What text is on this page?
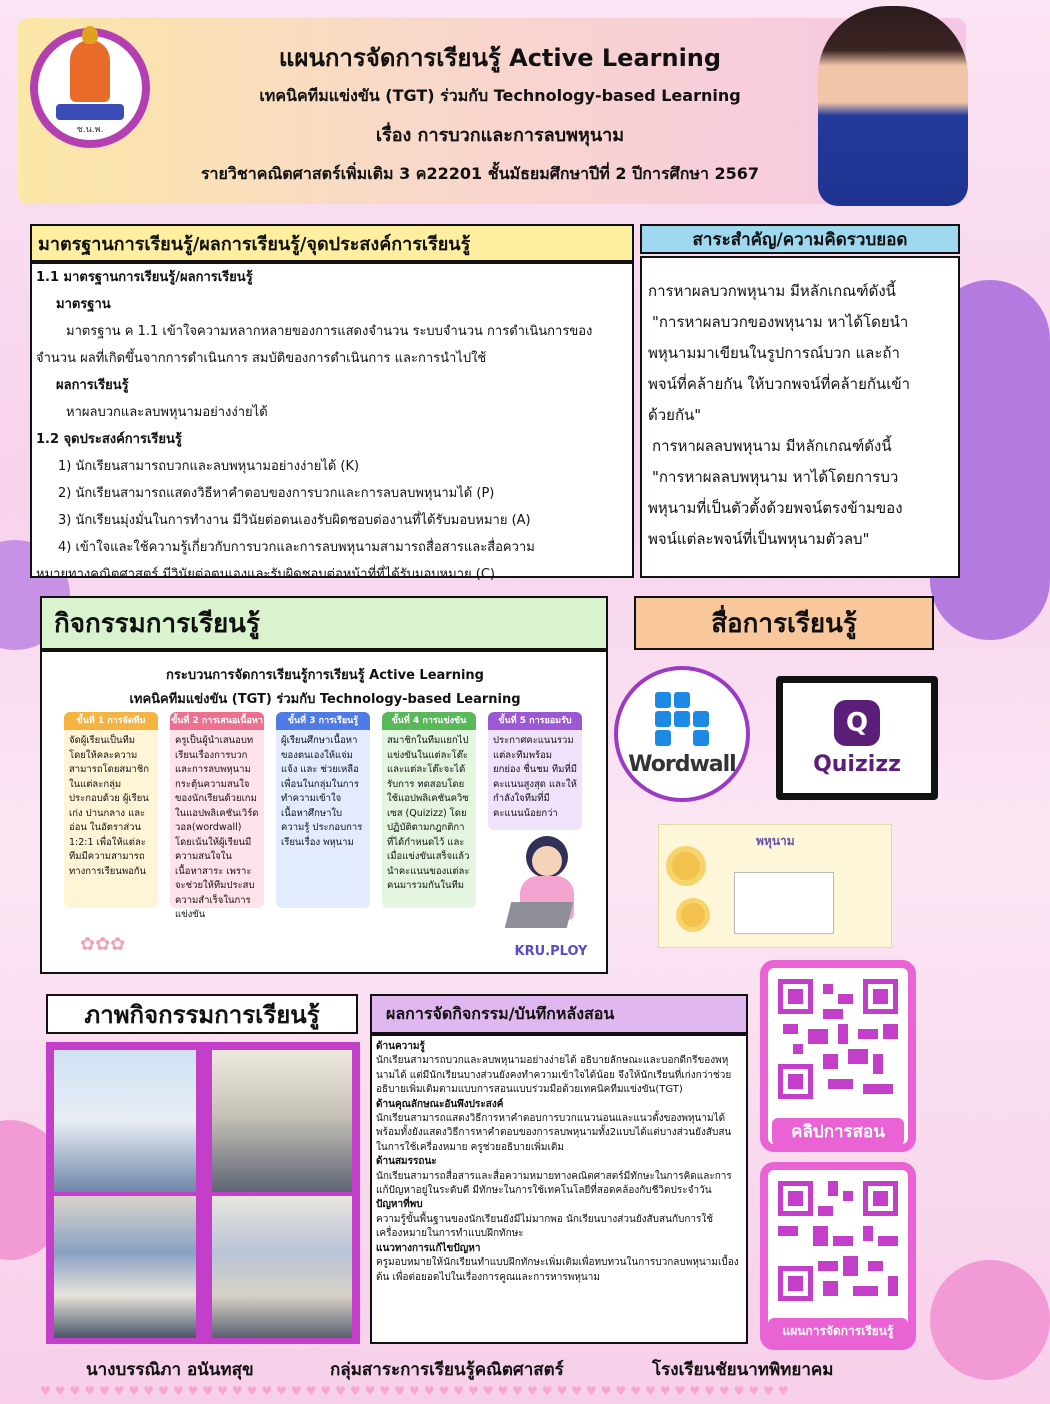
ช.น.พ.
แผนการจัดการเรียนรู้ Active Learning
เทคนิคทีมแข่งขัน (TGT) ร่วมกับ Technology-based Learning
เรื่อง การบวกและการลบพหุนาม
รายวิชาคณิตศาสตร์เพิ่มเติม 3 ค22201 ชั้นมัธยมศึกษาปีที่ 2 ปีการศึกษา 2567
มาตรฐานการเรียนรู้/ผลการเรียนรู้/จุดประสงค์การเรียนรู้
1.1 มาตรฐานการเรียนรู้/ผลการเรียนรู้
มาตรฐาน
มาตรฐาน ค 1.1 เข้าใจความหลากหลายของการแสดงจำนวน ระบบจำนวน การดำเนินการของ
จำนวน ผลที่เกิดขึ้นจากการดำเนินการ สมบัติของการดำเนินการ และการนำไปใช้
ผลการเรียนรู้
หาผลบวกและลบพหุนามอย่างง่ายได้
1.2 จุดประสงค์การเรียนรู้
1) นักเรียนสามารถบวกและลบพหุนามอย่างง่ายได้ (K)
2) นักเรียนสามารถแสดงวิธีหาคำตอบของการบวกและการลบลบพหุนามได้ (P)
3) นักเรียนมุ่งมั่นในการทำงาน มีวินัยต่อตนเองรับผิดชอบต่องานที่ได้รับมอบหมาย (A)
4) เข้าใจและใช้ความรู้เกี่ยวกับการบวกและการลบพหุนามสามารถสื่อสารและสื่อความ
หมายทางคณิตศาสตร์ มีวินัยต่อตนเองและรับผิดชอบต่อหน้าที่ที่ได้รับมอบหมาย (C)
สาระสำคัญ/ความคิดรวบยอด
การหาผลบวกพหุนาม มีหลักเกณฑ์ดังนี้
"การหาผลบวกของพหุนาม หาได้โดยนำ
พหุนามมาเขียนในรูปการณ์บวก และถ้า
พจน์ที่คล้ายกัน ให้บวกพจน์ที่คล้ายกันเข้า
ด้วยกัน"
การหาผลลบพหุนาม มีหลักเกณฑ์ดังนี้
"การหาผลลบพหุนาม หาได้โดยการบว
พหุนามที่เป็นตัวตั้งด้วยพจน์ตรงข้ามของ
พจน์แต่ละพจน์ที่เป็นพหุนามตัวลบ"
กิจกรรมการเรียนรู้
กระบวนการจัดการเรียนรู้การเรียนรู้ Active Learning
เทคนิคทีมแข่งขัน (TGT) ร่วมกับ Technology-based Learning
ขั้นที่ 1 การจัดทีม
จัดผู้เรียนเป็นทีม โดยให้คละความสามารถโดยสมาชิกในแต่ละกลุ่ม ประกอบด้วย ผู้เรียนเก่ง ปานกลาง และอ่อน ในอัตราส่วน 1:2:1 เพื่อให้แต่ละทีมมีความสามารถทางการเรียนพอกัน
ขั้นที่ 2 การเสนอเนื้อหา
ครูเป็นผู้นำเสนอบทเรียนเรื่องการบวกและการลบพหุนาม กระตุ้นความสนใจของนักเรียนด้วยเกมในแอปพลิเคชันเวิร์ดวอล(wordwall) โดยเน้นให้ผู้เรียนมีความสนใจใน เนื้อหาสาระ เพราะจะช่วยให้ทีมประสบความสำเร็จในการแข่งขัน
ขั้นที่ 3 การเรียนรู้
ผู้เรียนศึกษาเนื้อหาของตนเองให้แจ่มแจ้ง และ ช่วยเหลือเพื่อนในกลุ่มในการทำความเข้าใจเนื้อหาศึกษาใบความรู้ ประกอบการเรียนเรื่อง พหุนาม
ขั้นที่ 4 การแข่งขัน
สมาชิกในทีมแยกไปแข่งขันในแต่ละโต๊ะและแต่ละโต๊ะจะได้รับการ ทดสอบโดยใช้แอปพลิเคชันควิซเซส (Quizizz) โดยปฏิบัติตามกฎกติกา ที่ได้กำหนดไว้ และเมื่อแข่งขันเสร็จแล้วนำคะแนนของแต่ละคนมารวมกันในทีม
ขั้นที่ 5 การยอมรับ
ประกาศคะแนนรวมแต่ละทีมพร้อมยกย่อง ชื่นชม ทีมที่มีคะแนนสูงสุด และให้กำลังใจทีมที่มีคะแนนน้อยกว่า
✿✿✿	KRU.PLOY
สื่อการเรียนรู้
Wordwall
Q
Quizizz
พหุนาม
ภาพกิจกรรมการเรียนรู้	ผลการจัดกิจกรรม/บันทึกหลังสอน
ด้านความรู้
นักเรียนสามารถบวกและลบพหุนามอย่างง่ายได้ อธิบายลักษณะและบอกดีกรีของพหุนามได้ แต่มีนักเรียนบางส่วนยังคงทำความเข้าใจได้น้อย จึงให้นักเรียนที่เก่งกว่าช่วยอธิบายเพิ่มเติมตามแบบการสอนแบบร่วมมือด้วยเทคนิคทีมแข่งขัน(TGT)
ด้านคุณลักษณะอันพึงประสงค์
นักเรียนสามารถแสดงวิธีการหาคำตอบการบวกแนวนอนและแนวตั้งของพหุนามได้ พร้อมทั้งยังแสดงวิธีการหาคำตอบของการลบพหุนามทั้ง2แบบได้แต่บางส่วนยังสับสนในการใช้เครื่องหมาย ครูช่วยอธิบายเพิ่มเติม
ด้านสมรรถนะ
นักเรียนสามารถสื่อสารและสื่อความหมายทางคณิตศาสตร์มีทักษะในการคิดและการแก้ปัญหาอยู่ในระดับดี มีทักษะในการใช้เทคโนโลยีที่สอดคล้องกับชีวิตประจำวัน
ปัญหาที่พบ
ความรู้ขั้นพื้นฐานของนักเรียนยังมีไม่มากพอ นักเรียนบางส่วนยังสับสนกับการใช้เครื่องหมายในการทำแบบฝึกทักษะ
แนวทางการแก้ไขปัญหา
ครูมอบหมายให้นักเรียนทำแบบฝึกทักษะเพิ่มเติมเพื่อทบทวนในการบวกลบพหุนามเบื้องต้น เพื่อต่อยอดไปในเรื่องการคูณและการหารพหุนาม
คลิปการสอน
แผนการจัดการเรียนรู้
นางบรรณิภา อนันทสุข	กลุ่มสาระการเรียนรู้คณิตศาสตร์	โรงเรียนชัยนาทพิทยาคม
♥♥♥♥♥♥♥♥♥♥♥♥♥♥♥♥♥♥♥♥♥♥♥♥♥♥♥♥♥♥♥♥♥♥♥♥♥♥♥♥♥♥♥♥♥♥♥♥♥♥♥
